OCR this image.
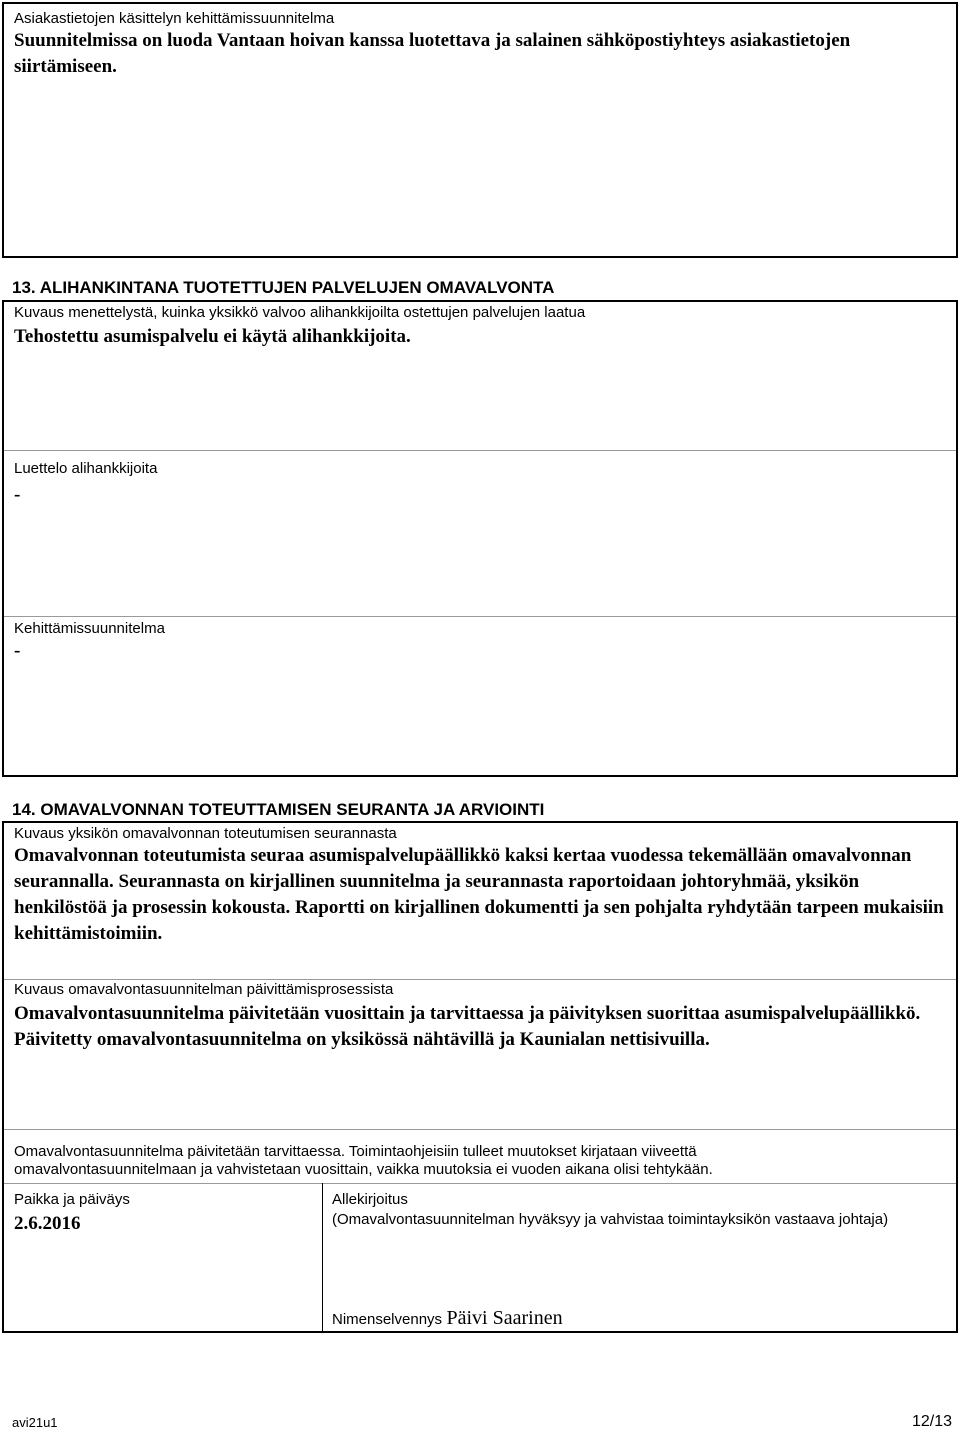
Asiakastietojen käsittelyn kehittämissuunnitelma
Suunnitelmissa on luoda Vantaan hoivan kanssa luotettava ja salainen sähköpostiyhteys asiakastietojen siirtämiseen.
13. ALIHANKINTANA TUOTETTUJEN PALVELUJEN OMAVALVONTA
Kuvaus menettelystä, kuinka yksikkö valvoo alihankkijoilta ostettujen palvelujen laatua
Tehostettu asumispalvelu ei käytä alihankkijoita.
Luettelo alihankkijoita
-
Kehittämissuunnitelma
-
14. OMAVALVONNAN TOTEUTTAMISEN SEURANTA JA ARVIOINTI
Kuvaus yksikön omavalvonnan toteutumisen seurannasta
Omavalvonnan toteutumista seuraa asumispalvelupäällikkö kaksi kertaa vuodessa tekemällään omavalvonnan seurannalla. Seurannasta on kirjallinen suunnitelma ja seurannasta raportoidaan johtoryhmää, yksikön henkilöstöä ja prosessin kokousta. Raportti on kirjallinen dokumentti ja sen pohjalta ryhdytään tarpeen mukaisiin kehittämistoimiin.
Kuvaus omavalvontasuunnitelman päivittämisprosessista
Omavalvontasuunnitelma päivitetään vuosittain ja tarvittaessa ja päivityksen suorittaa asumispalvelupäällikkö. Päivitetty omavalvontasuunnitelma on yksikössä nähtävillä ja Kaunialan nettisivuilla.
Omavalvontasuunnitelma päivitetään tarvittaessa. Toimintaohjeisiin tulleet muutokset kirjataan viiveettä omavalvontasuunnitelmaan ja vahvistetaan vuosittain, vaikka muutoksia ei vuoden aikana olisi tehtykään.
Paikka ja päiväys
2.6.2016
Allekirjoitus
(Omavalvontasuunnitelman hyväksyy ja vahvistaa toimintayksikön vastaava johtaja)
Nimenselvennys Päivi Saarinen
avi21u1	12/13
